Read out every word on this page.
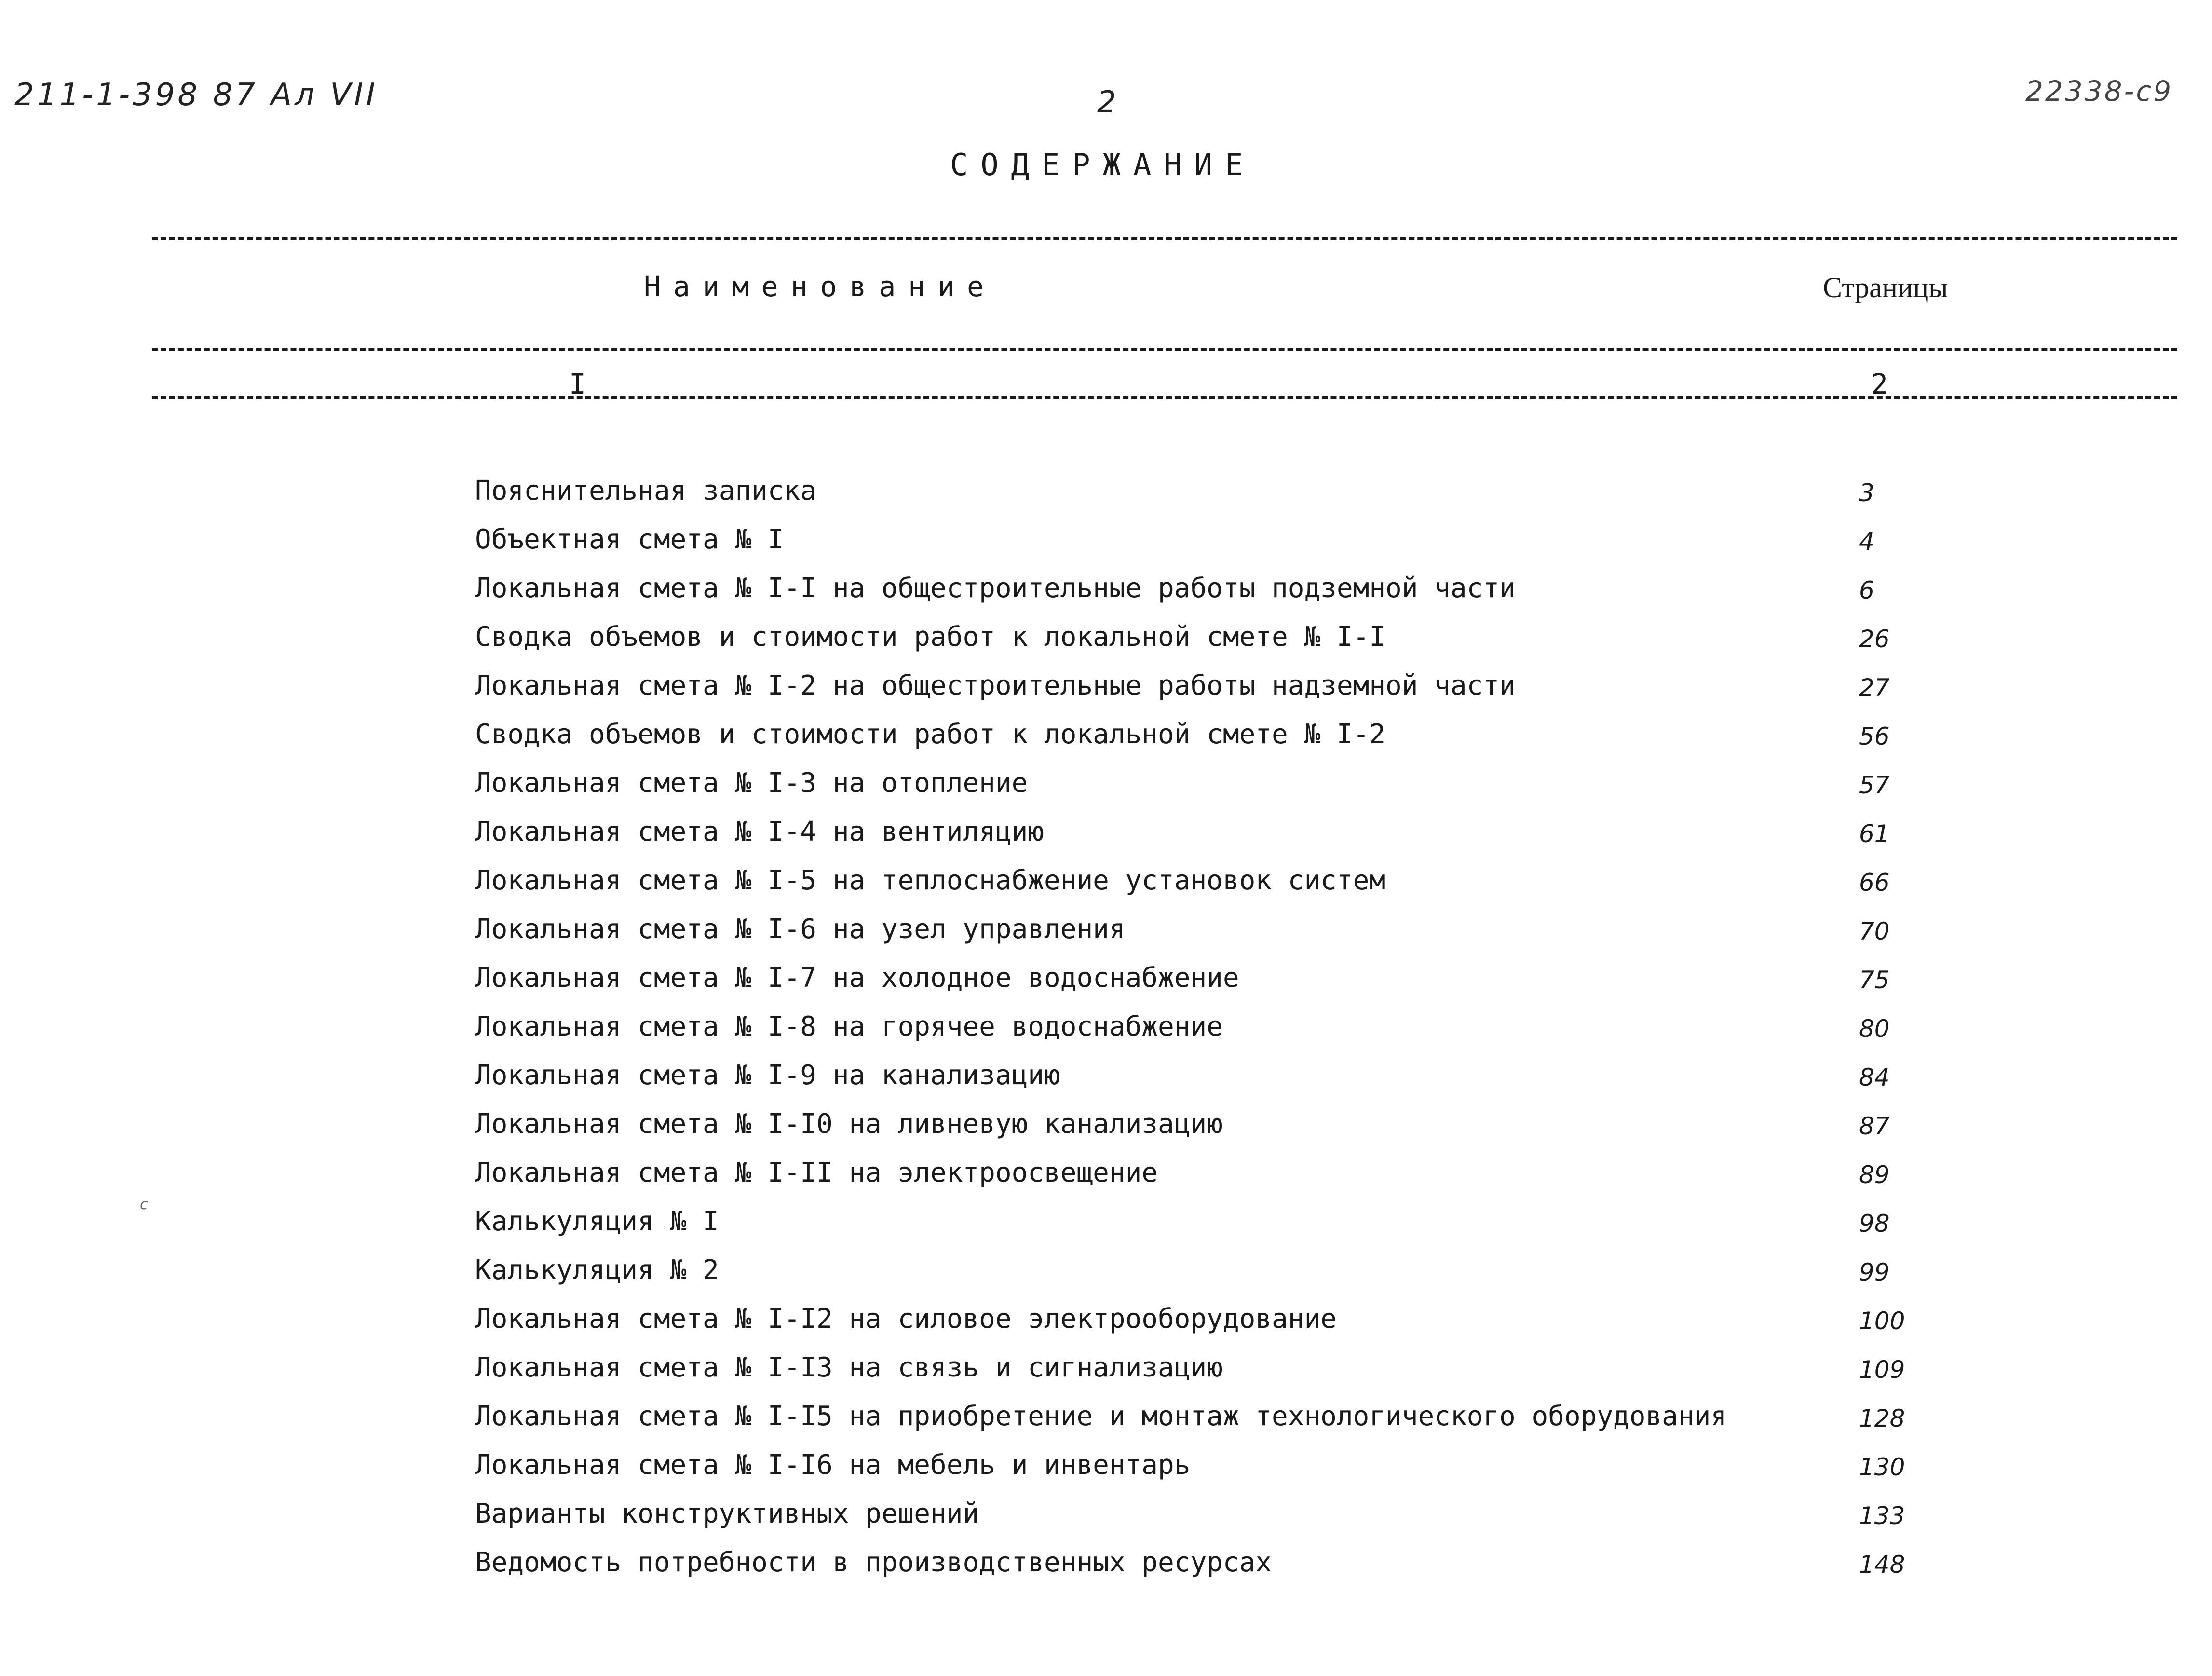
211-1-398 87 Ал VII	2	22338-с9
с
СОДЕРЖАНИЕ
Наименование	Страницы
I	2
Пояснительная записка	3
Объектная смета № I	4
Локальная смета № I-I на общестроительные работы подземной части	6
Сводка объемов и стоимости работ к локальной смете № I-I	26
Локальная смета № I-2 на общестроительные работы надземной части	27
Сводка объемов и стоимости работ к локальной смете № I-2	56
Локальная смета № I-3 на отопление	57
Локальная смета № I-4 на вентиляцию	61
Локальная смета № I-5 на теплоснабжение установок систем	66
Локальная смета № I-6 на узел управления	70
Локальная смета № I-7 на холодное водоснабжение	75
Локальная смета № I-8 на горячее водоснабжение	80
Локальная смета № I-9 на канализацию	84
Локальная смета № I-I0 на ливневую канализацию	87
Локальная смета № I-II на электроосвещение	89
Калькуляция № I	98
Калькуляция № 2	99
Локальная смета № I-I2 на силовое электрооборудование	100
Локальная смета № I-I3 на связь и сигнализацию	109
Локальная смета № I-I5 на приобретение и монтаж технологического оборудования	128
Локальная смета № I-I6 на мебель и инвентарь	130
Варианты конструктивных решений	133
Ведомость потребности в производственных ресурсах	148
